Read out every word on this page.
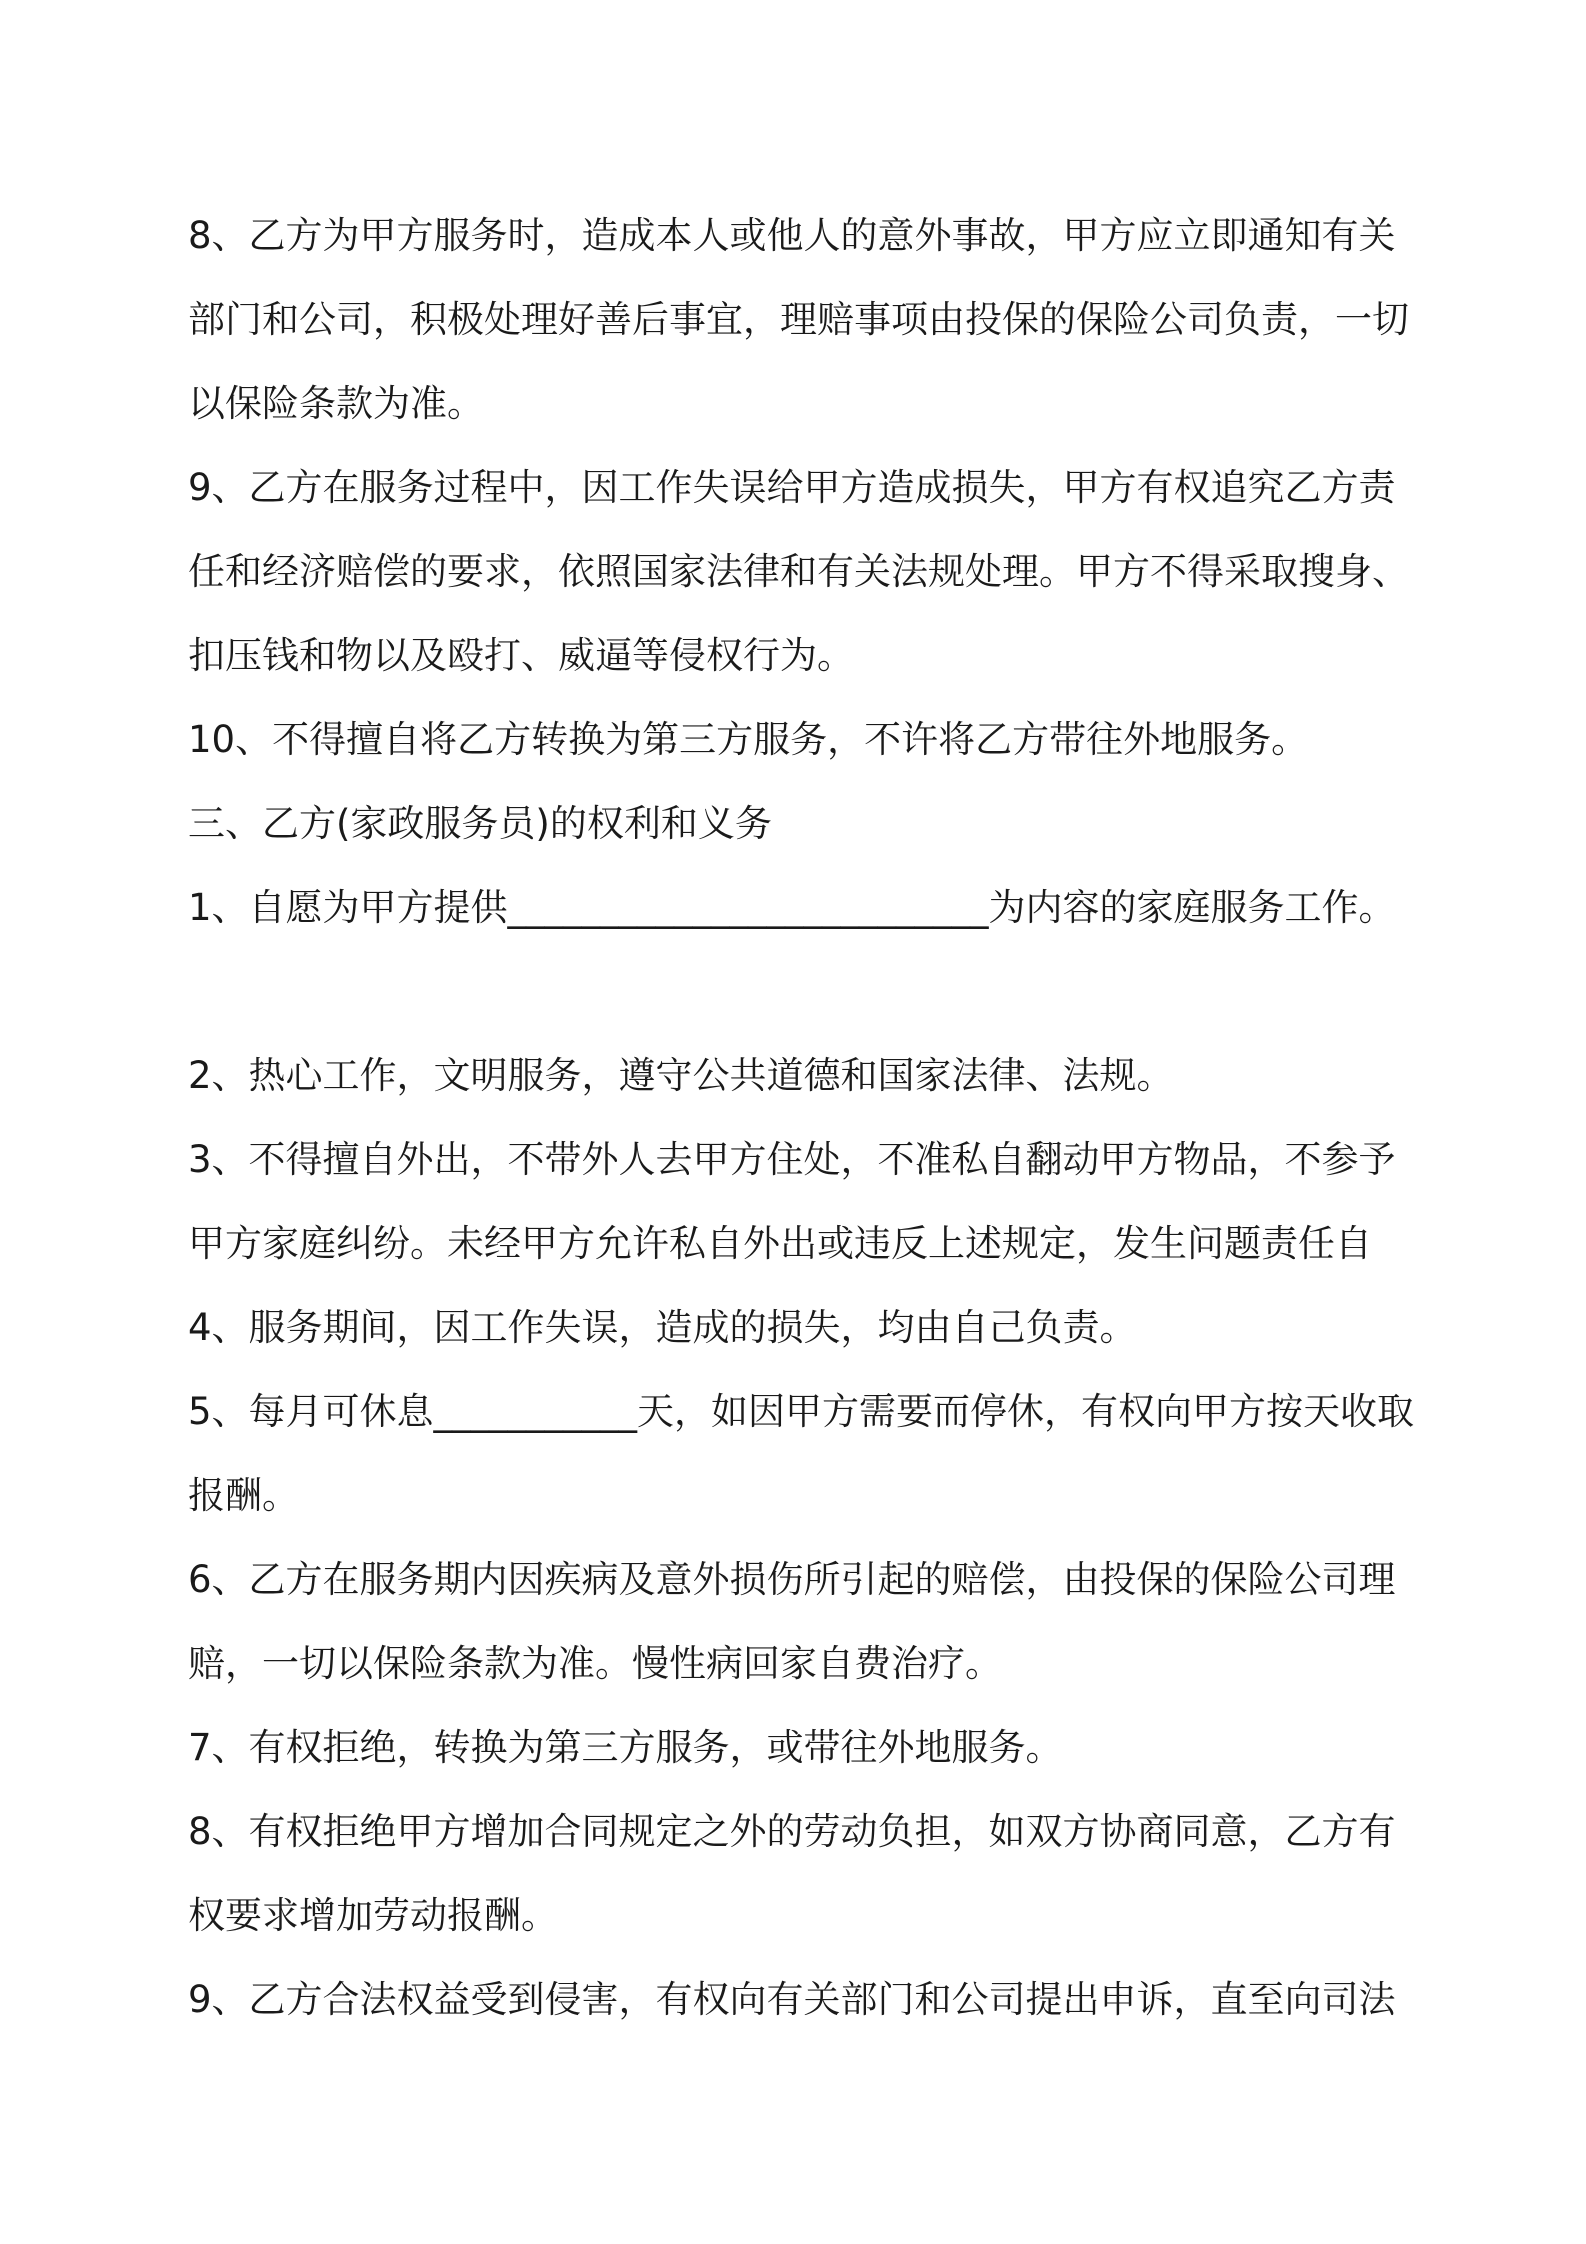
8、乙方为甲方服务时，造成本人或他人的意外事故，甲方应立即通知有关部门和公司，积极处理好善后事宜，理赔事项由投保的保险公司负责，一切以保险条款为准。

9、乙方在服务过程中，因工作失误给甲方造成损失，甲方有权追究乙方责任和经济赔偿的要求，依照国家法律和有关法规处理。甲方不得采取搜身、扣压钱和物以及殴打、威逼等侵权行为。

10、不得擅自将乙方转换为第三方服务，不许将乙方带往外地服务。

三、乙方(家政服务员)的权利和义务

1、自愿为甲方提供__________________________为内容的家庭服务工作。

2、热心工作，文明服务，遵守公共道德和国家法律、法规。

3、不得擅自外出，不带外人去甲方住处，不准私自翻动甲方物品，不参予甲方家庭纠纷。未经甲方允许私自外出或违反上述规定，发生问题责任自

4、服务期间，因工作失误，造成的损失，均由自己负责。

5、每月可休息___________天，如因甲方需要而停休，有权向甲方按天收取报酬。

6、乙方在服务期内因疾病及意外损伤所引起的赔偿，由投保的保险公司理赔，一切以保险条款为准。慢性病回家自费治疗。

7、有权拒绝，转换为第三方服务，或带往外地服务。

8、有权拒绝甲方增加合同规定之外的劳动负担，如双方协商同意，乙方有权要求增加劳动报酬。

9、乙方合法权益受到侵害，有权向有关部门和公司提出申诉，直至向司法
